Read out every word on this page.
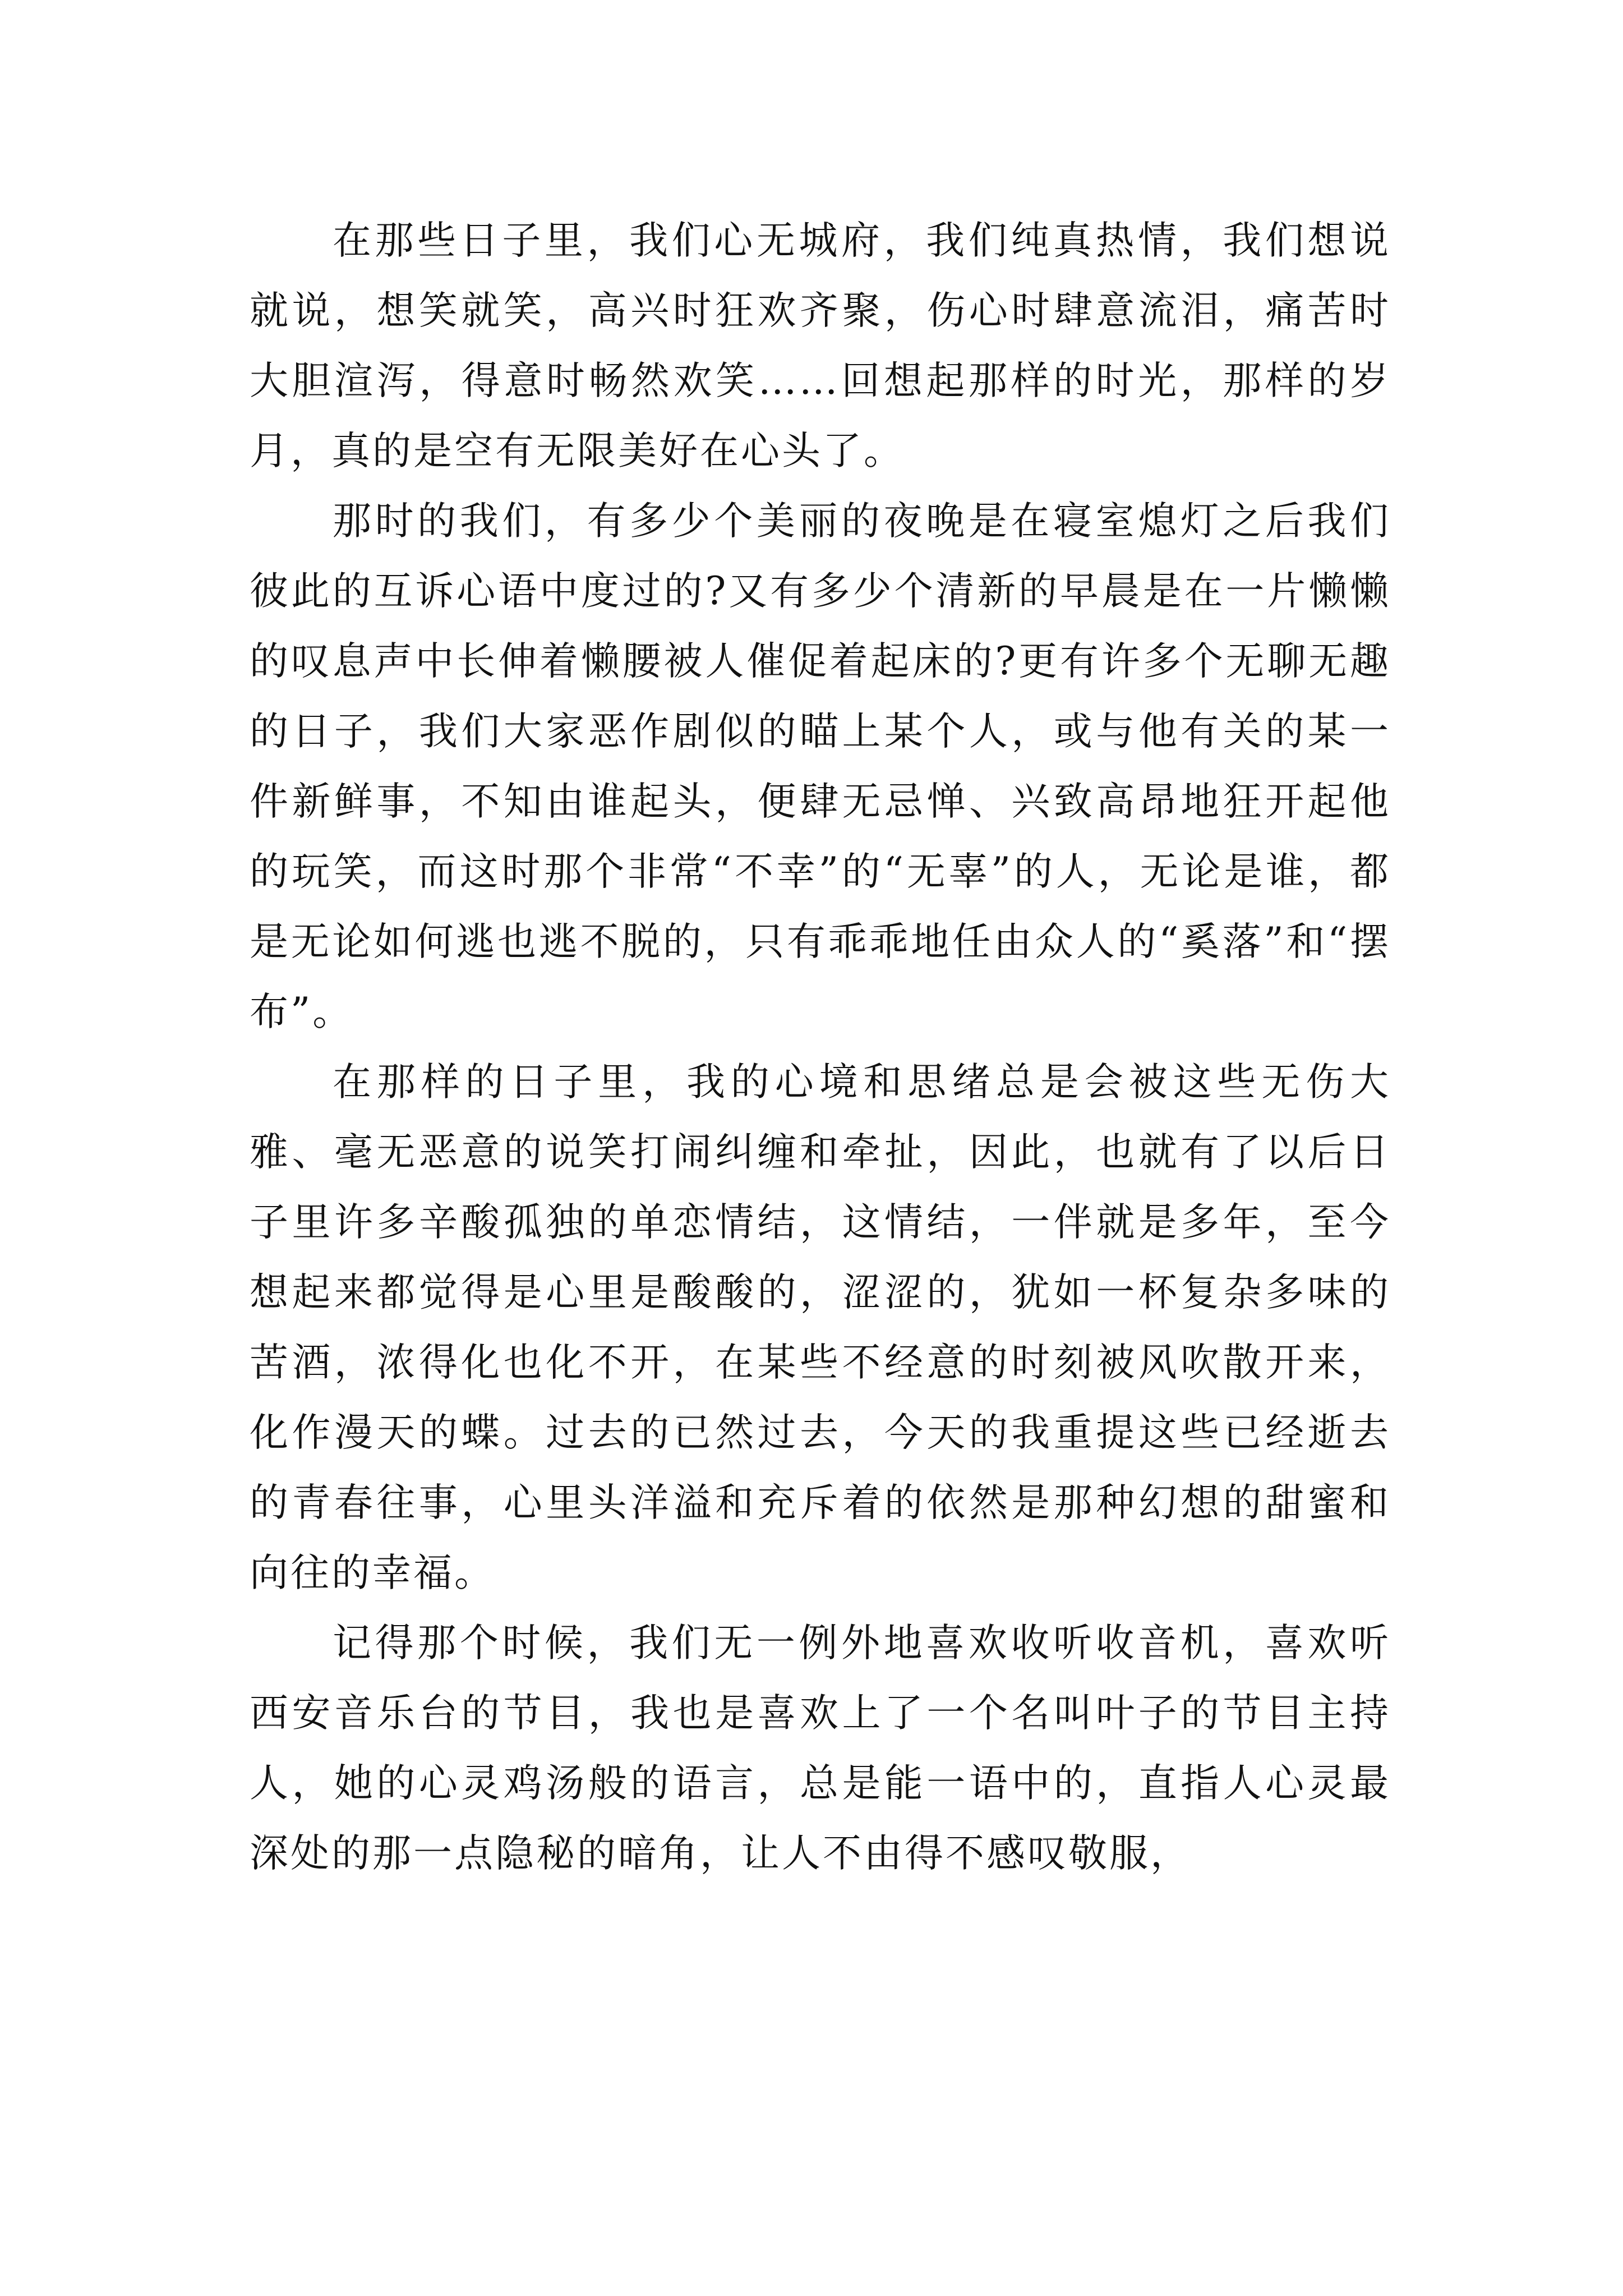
在那些日子里，我们心无城府，我们纯真热情，我们想说就说，想笑就笑，高兴时狂欢齐聚，伤心时肆意流泪，痛苦时大胆渲泻，得意时畅然欢笑……回想起那样的时光，那样的岁月，真的是空有无限美好在心头了。

那时的我们，有多少个美丽的夜晚是在寝室熄灯之后我们彼此的互诉心语中度过的?又有多少个清新的早晨是在一片懒懒的叹息声中长伸着懒腰被人催促着起床的?更有许多个无聊无趣的日子，我们大家恶作剧似的瞄上某个人，或与他有关的某一件新鲜事，不知由谁起头，便肆无忌惮、兴致高昂地狂开起他的玩笑，而这时那个非常“不幸”的“无辜”的人，无论是谁，都是无论如何逃也逃不脱的，只有乖乖地任由众人的“奚落”和“摆布”。

在那样的日子里，我的心境和思绪总是会被这些无伤大雅、毫无恶意的说笑打闹纠缠和牵扯，因此，也就有了以后日子里许多辛酸孤独的单恋情结，这情结，一伴就是多年，至今想起来都觉得是心里是酸酸的，涩涩的，犹如一杯复杂多味的苦酒，浓得化也化不开，在某些不经意的时刻被风吹散开来，化作漫天的蝶。过去的已然过去，今天的我重提这些已经逝去的青春往事，心里头洋溢和充斥着的依然是那种幻想的甜蜜和向往的幸福。

记得那个时候，我们无一例外地喜欢收听收音机，喜欢听西安音乐台的节目，我也是喜欢上了一个名叫叶子的节目主持人，她的心灵鸡汤般的语言，总是能一语中的，直指人心灵最深处的那一点隐秘的暗角，让人不由得不感叹敬服，
